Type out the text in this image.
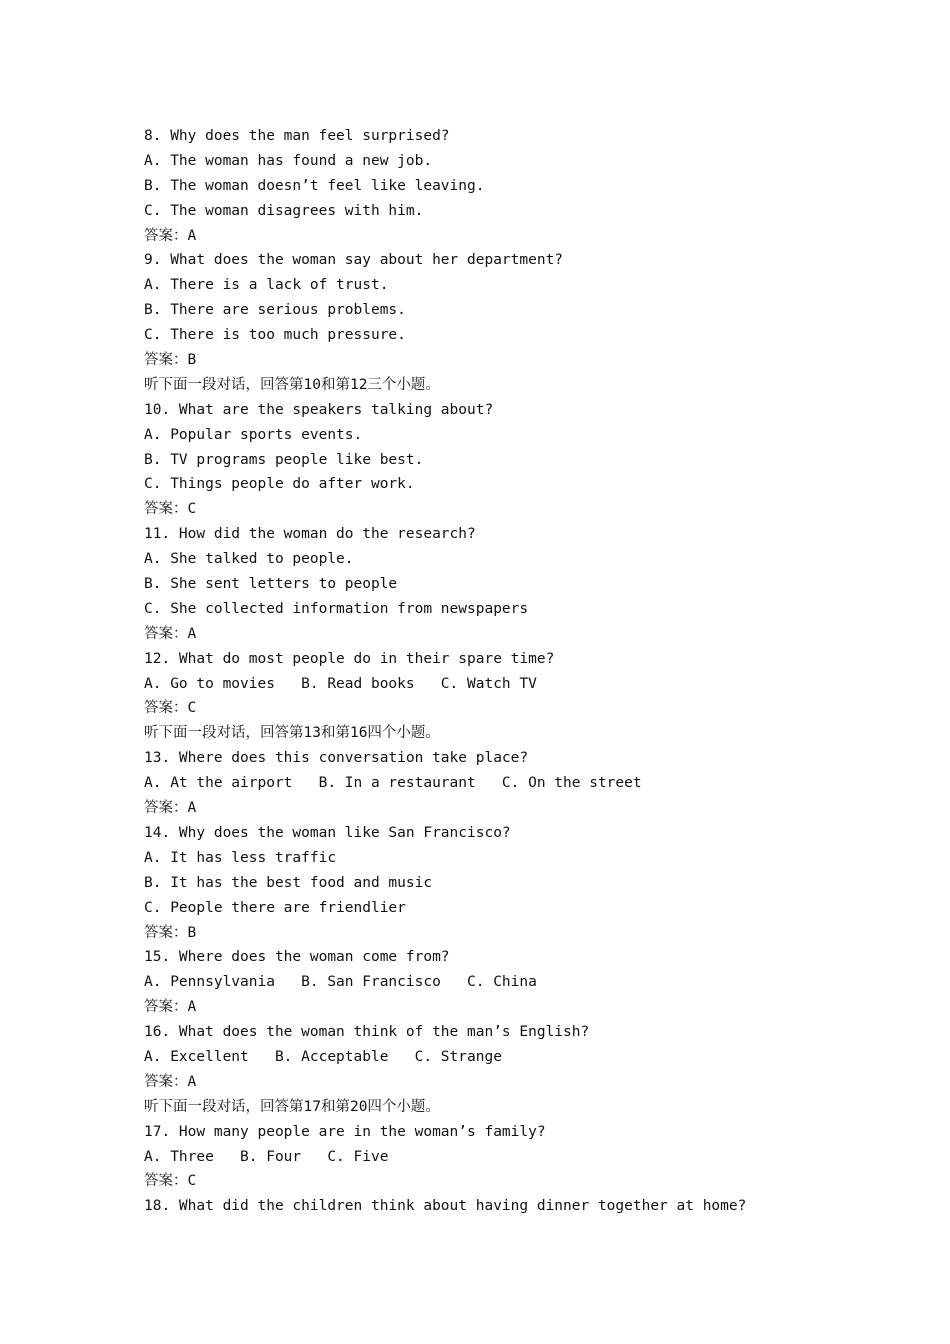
8. Why does the man feel surprised?
A. The woman has found a new job.
B. The woman doesn’t feel like leaving.
C. The woman disagrees with him.
答案：A
9. What does the woman say about her department?
A. There is a lack of trust.
B. There are serious problems.
C. There is too much pressure.
答案：B
听下面一段对话，回答第10和第12三个小题。
10. What are the speakers talking about?
A. Popular sports events.
B. TV programs people like best.
C. Things people do after work.
答案：C
11. How did the woman do the research?
A. She talked to people.
B. She sent letters to people
C. She collected information from newspapers
答案：A
12. What do most people do in their spare time?
A. Go to movies   B. Read books   C. Watch TV
答案：C
听下面一段对话，回答第13和第16四个小题。
13. Where does this conversation take place?
A. At the airport   B. In a restaurant   C. On the street
答案：A
14. Why does the woman like San Francisco?
A. It has less traffic
B. It has the best food and music
C. People there are friendlier
答案：B
15. Where does the woman come from?
A. Pennsylvania   B. San Francisco   C. China
答案：A
16. What does the woman think of the man’s English?
A. Excellent   B. Acceptable   C. Strange
答案：A
听下面一段对话，回答第17和第20四个小题。
17. How many people are in the woman’s family?
A. Three   B. Four   C. Five
答案：C
18. What did the children think about having dinner together at home?
